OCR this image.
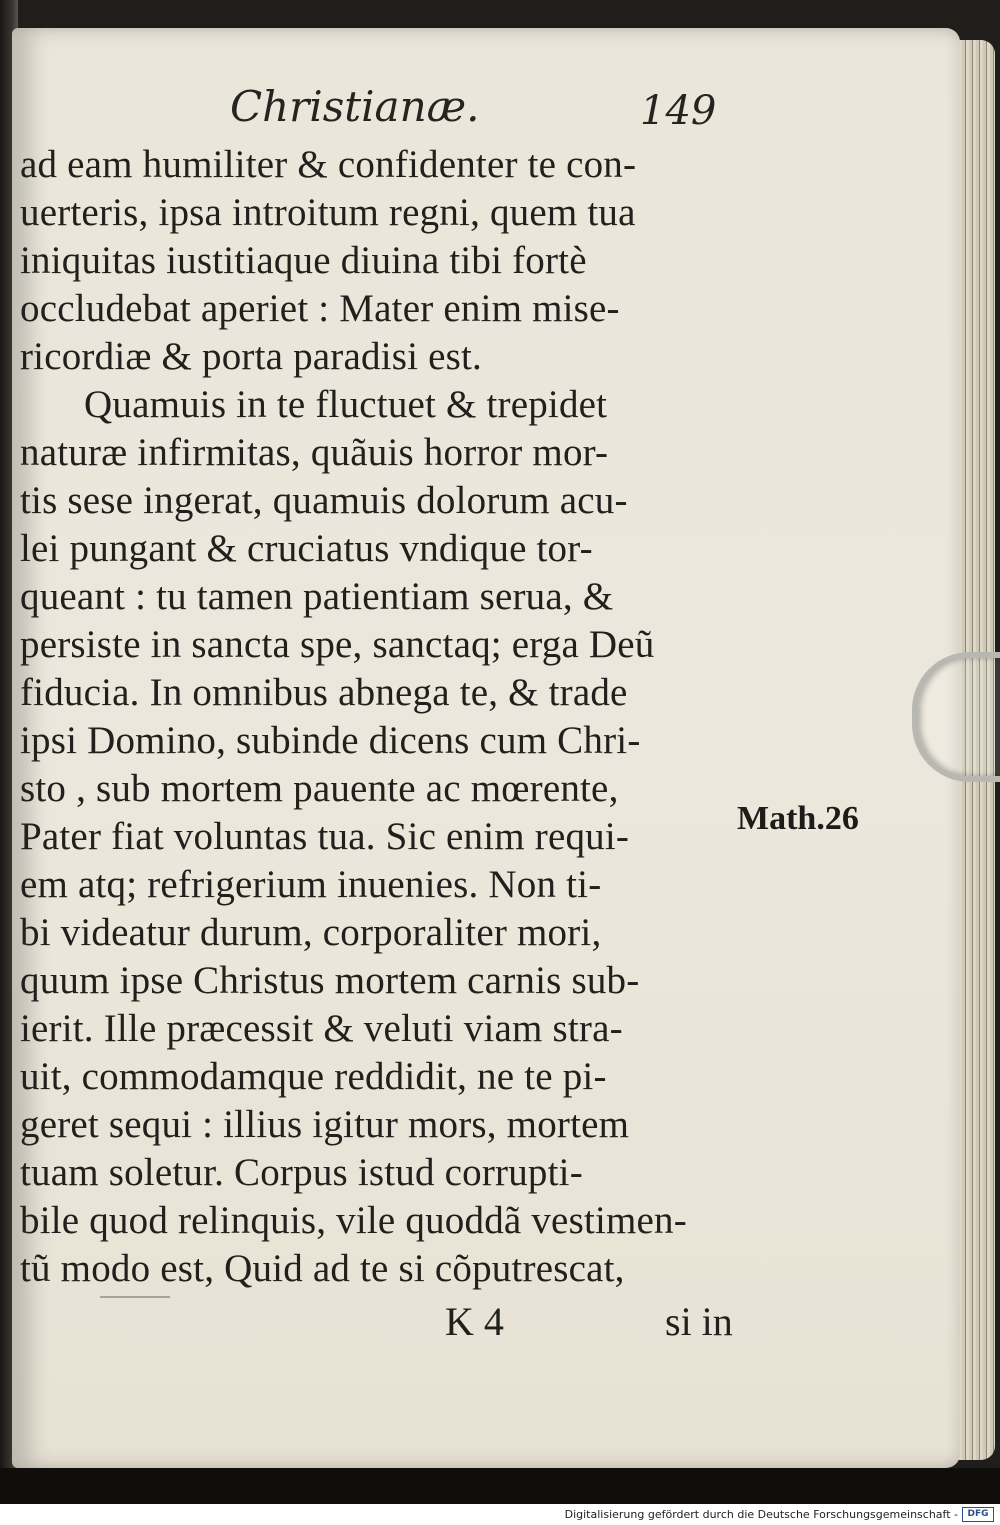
Christianæ.	149
ad eam humiliter & confidenter te con-
uerteris, ipsa introitum regni, quem tua
iniquitas iustitiaque diuina tibi fortè
occludebat aperiet : Mater enim mise-
ricordiæ & porta paradisi est.
Quamuis in te fluctuet & trepidet
naturæ infirmitas, quãuis horror mor-
tis sese ingerat, quamuis dolorum acu-
lei pungant & cruciatus vndique tor-
queant : tu tamen patientiam serua, &
persiste in sancta spe, sanctaq; erga Deũ
fiducia. In omnibus abnega te, & trade
ipsi Domino, subinde dicens cum Chri-
sto , sub mortem pauente ac mœrente,
Pater fiat voluntas tua. Sic enim requi-
em atq; refrigerium inuenies. Non ti-
bi videatur durum, corporaliter mori,
quum ipse Christus mortem carnis sub-
ierit. Ille præcessit & veluti viam stra-
uit, commodamque reddidit, ne te pi-
geret sequi : illius igitur mors, mortem
tuam soletur. Corpus istud corrupti-
bile quod relinquis, vile quoddã vestimen-
tũ modo est, Quid ad te si cõputrescat,
Math.26
K 4	si in
Digitalisierung gefördert durch die Deutsche Forschungsgemeinschaft -	DFG
